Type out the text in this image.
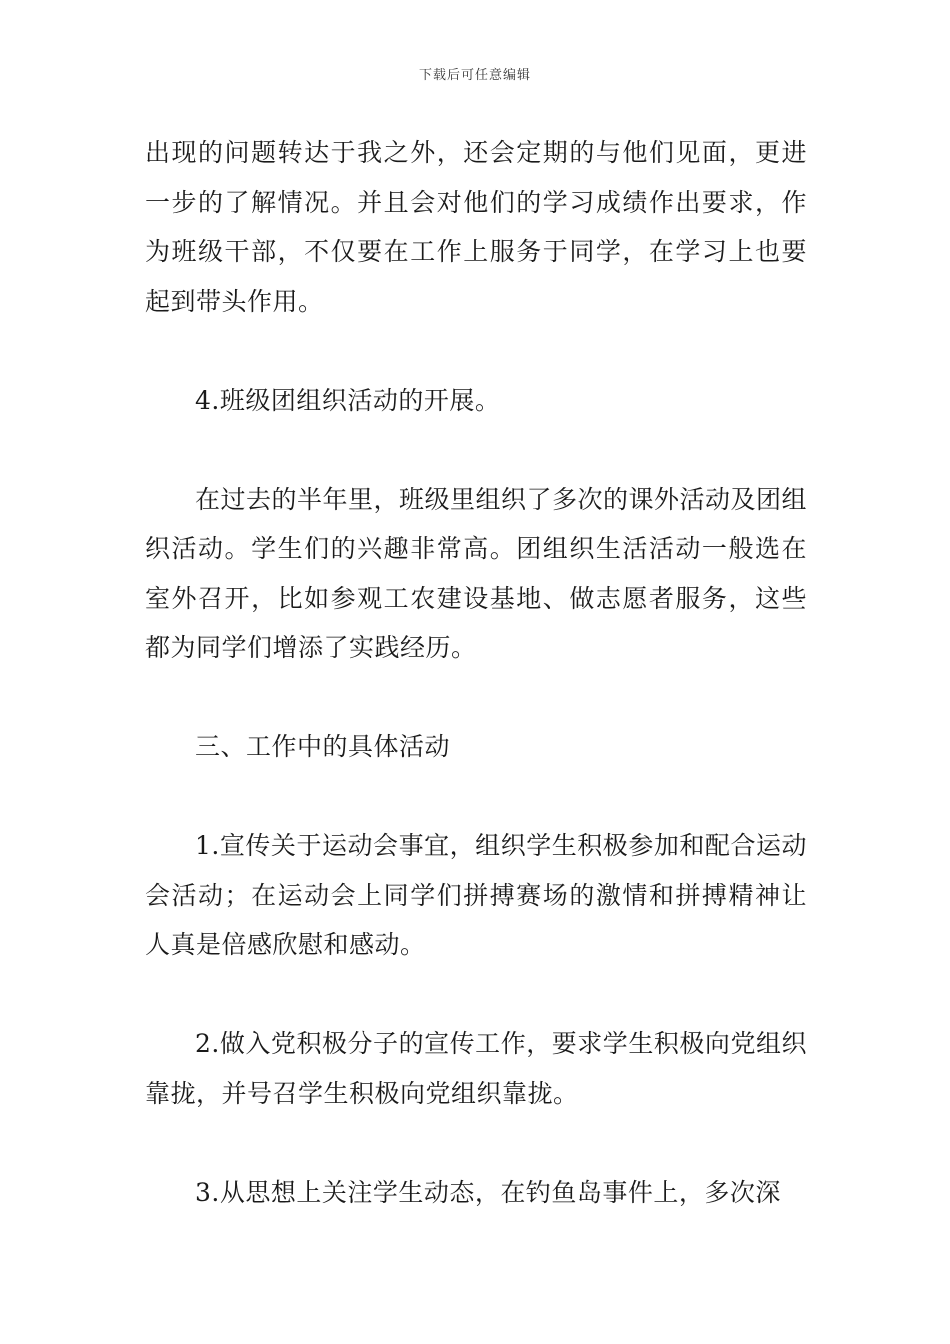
下载后可任意编辑

出现的问题转达于我之外，还会定期的与他们见面，更进一步的了解情况。并且会对他们的学习成绩作出要求，作为班级干部，不仅要在工作上服务于同学，在学习上也要起到带头作用。

4.班级团组织活动的开展。

在过去的半年里，班级里组织了多次的课外活动及团组织活动。学生们的兴趣非常高。团组织生活活动一般选在室外召开，比如参观工农建设基地、做志愿者服务，这些都为同学们增添了实践经历。

三、工作中的具体活动

1.宣传关于运动会事宜，组织学生积极参加和配合运动会活动；在运动会上同学们拼搏赛场的激情和拼搏精神让人真是倍感欣慰和感动。

2.做入党积极分子的宣传工作，要求学生积极向党组织靠拢，并号召学生积极向党组织靠拢。

3.从思想上关注学生动态，在钓鱼岛事件上，多次深
